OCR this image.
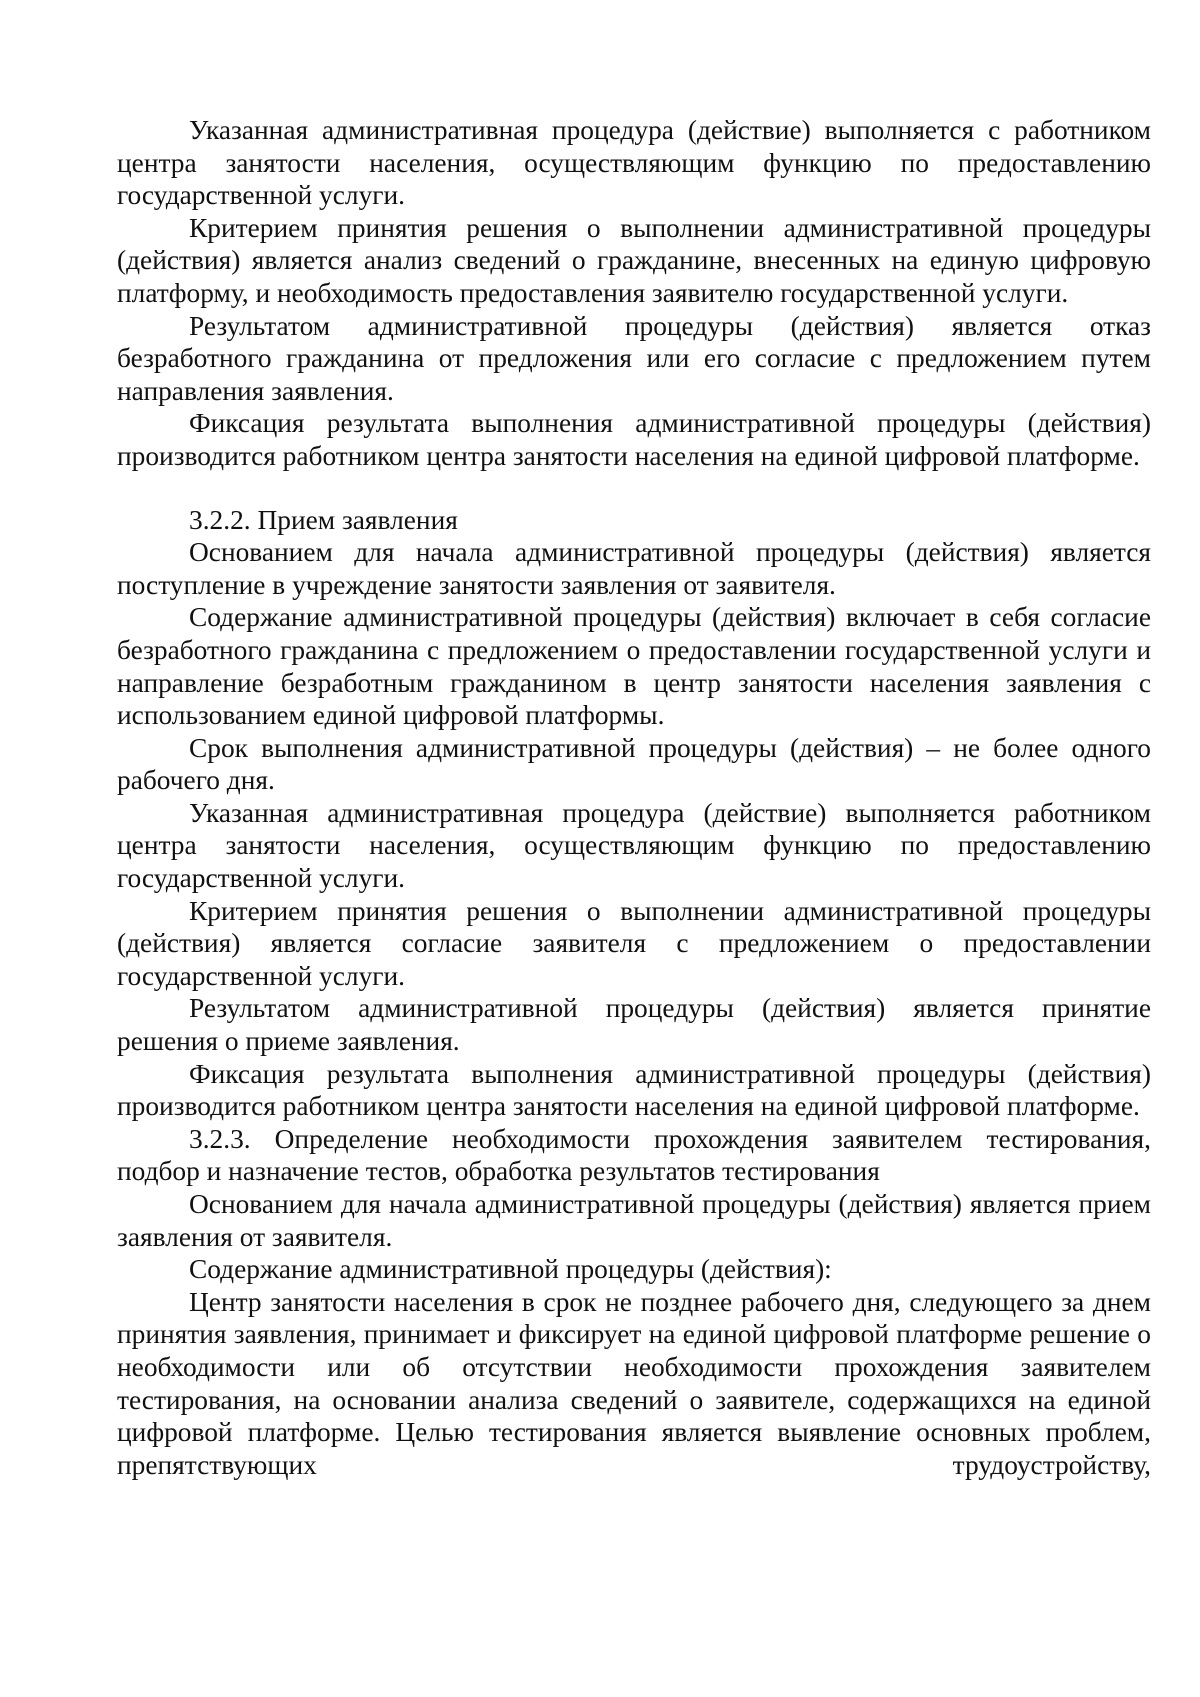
Указанная административная процедура (действие) выполняется с работником центра занятости населения, осуществляющим функцию по предоставлению государственной услуги.

Критерием принятия решения о выполнении административной процедуры (действия) является анализ сведений о гражданине, внесенных на единую цифровую платформу, и необходимость предоставления заявителю государственной услуги.

Результатом административной процедуры (действия) является отказ безработного гражданина от предложения или его согласие с предложением путем направления заявления.

Фиксация результата выполнения административной процедуры (действия) производится работником центра занятости населения на единой цифровой платформе.

3.2.2. Прием заявления

Основанием для начала административной процедуры (действия) является поступление в учреждение занятости заявления от заявителя.

Содержание административной процедуры (действия) включает в себя согласие безработного гражданина с предложением о предоставлении государственной услуги и направление безработным гражданином в центр занятости населения заявления с использованием единой цифровой платформы.

Срок выполнения административной процедуры (действия) – не более одного рабочего дня.

Указанная административная процедура (действие) выполняется работником центра занятости населения, осуществляющим функцию по предоставлению государственной услуги.

Критерием принятия решения о выполнении административной процедуры (действия) является согласие заявителя с предложением о предоставлении государственной услуги.

Результатом административной процедуры (действия) является принятие решения о приеме заявления.

Фиксация результата выполнения административной процедуры (действия) производится работником центра занятости населения на единой цифровой платформе.

3.2.3. Определение необходимости прохождения заявителем тестирования, подбор и назначение тестов, обработка результатов тестирования

Основанием для начала административной процедуры (действия) является прием заявления от заявителя.

Содержание административной процедуры (действия):

Центр занятости населения в срок не позднее рабочего дня, следующего за днем принятия заявления, принимает и фиксирует на единой цифровой платформе решение о необходимости или об отсутствии необходимости прохождения заявителем тестирования, на основании анализа сведений о заявителе, содержащихся на единой цифровой платформе. Целью тестирования является выявление основных проблем, препятствующих трудоустройству,
